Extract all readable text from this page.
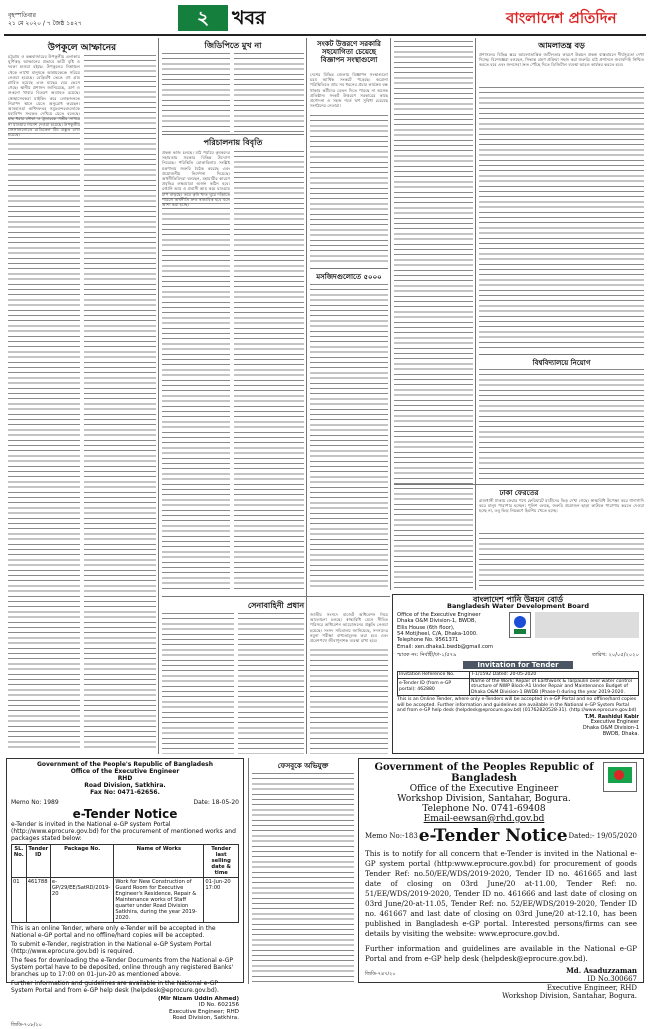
বৃহস্পতিবার
২১ মে ২০২০ / ৭ জৈষ্ঠ ১৪২৭	২	খবর	বাংলাদেশ প্রতিদিন
উপকূলে আম্ফানের
চট্টগ্রাম ও কক্সবাজারের উপকূলীয় এলাকায় ঘূর্ণিঝড় আম্ফানের প্রভাবে ভারী বৃষ্টি ও দমকা হাওয়া বইছে। উপকূলের নিম্নাঞ্চল থেকে লাখো মানুষকে আশ্রয়কেন্দ্রে সরিয়ে নেওয়া হয়েছে। বেড়িবাঁধ ভেঙে বহু গ্রাম প্লাবিত হয়েছে এবং মাছের ঘের ভেসে গেছে। স্থানীয় প্রশাসন জানিয়েছে, ত্রাণ ও শুকনো খাবার বিতরণ অব্যাহত রয়েছে। স্বেচ্ছাসেবকরা মাইকিং করে লোকজনকে নিরাপদ স্থানে যেতে অনুরোধ করছেন। আবহাওয়া অধিদফতর সমুদ্রবন্দরগুলোকে মহাবিপদ সংকেত দেখিয়ে যেতে বলেছে। মাছ ধরার নৌকা ও ট্রলারকে গভীর সাগরে না যাওয়ার নির্দেশ দেওয়া হয়েছে। উপকূলীয় জেলাগুলোতে মেডিকেল টিম প্রস্তুত রাখা হয়েছে।
জিডিপিতে মুখ না
পরিচালনায় বিবৃতি
প্রকল্প কাজ চলছে। মাঠ পর্যায়ে কৃষকদের সহায়তায় সরকার বিভিন্ন উদ্যোগ নিয়েছে। পরিস্থিতি মোকাবিলায় সংশ্লিষ্ট মন্ত্রণালয় জরুরি বৈঠক করেছে এবং প্রয়োজনীয় নির্দেশনা দিয়েছে। অর্থনীতিবিদরা বলছেন, মহামারীর কারণে প্রবৃদ্ধির লক্ষ্যমাত্রা অর্জন কঠিন হবে। রপ্তানি আয় ও প্রবাসী আয় কমে যাওয়ায় চাপ বাড়ছে। তবে কৃষি খাত ঘুরে দাঁড়াতে পারলে অর্থনীতি দ্রুত স্বাভাবিক হবে বলে আশা করা হচ্ছে।
সেনাবাহিনী প্রধান
জাতীয় সংসদে বাজেট অধিবেশন নিয়ে আলোচনা চলছে। স্বাস্থ্যবিধি মেনে সীমিত পরিসরে অধিবেশন আয়োজনের প্রস্তুতি নেওয়া হয়েছে। সংসদ সচিবালয় জানিয়েছে, সদস্যদের নমুনা পরীক্ষা বাধ্যতামূলক করা হবে এবং প্রবেশপথে জীবাণুনাশক ব্যবস্থা রাখা হবে।
সংকট উত্তরণে সরকারি সহযোগিতা চেয়েছে বিজ্ঞাপন সংস্থাগুলো
দেশের বিভিন্ন জেলায় বিজ্ঞাপন সংস্থাগুলো চরম আর্থিক সংকটে পড়েছে। করোনা পরিস্থিতিতে প্রায় সব ধরনের প্রচার কার্যক্রম বন্ধ থাকায় কর্মীদের বেতন দিতে পারছে না অনেক প্রতিষ্ঠান। সংকট উত্তরণে সরকারের কাছে প্রণোদনা ও সহজ শর্তে ঋণ সুবিধা চেয়েছে সংগঠনের নেতারা।
মসজিদগুলোতে ৫০০০
আমলাতন্ত্র বড়
প্রশাসনের বিভিন্ন স্তরে আমলাতান্ত্রিক জটিলতার কারণে উন্নয়ন প্রকল্প বাস্তবায়নে দীর্ঘসূত্রতা দেখা দিচ্ছে। বিশেষজ্ঞরা বলছেন, সিদ্ধান্ত গ্রহণ প্রক্রিয়া সহজ করা জরুরি। মাঠ প্রশাসনে জবাবদিহি নিশ্চিত করতে হবে এবং জনসেবা দ্রুত পৌঁছে দিতে ডিজিটাল ব্যবস্থা আরও কার্যকর করতে হবে।
বিশ্ববিদ্যালয়ে নিয়োগ
ঢাকা ফেরতের
রাজধানী ঢাকায় ফেরার পথে ফেরিঘাটে যাত্রীদের ভিড় দেখা গেছে। স্বাস্থ্যবিধি উপেক্ষা করে গাদাগাদি করে মানুষ পারাপার হচ্ছেন। পুলিশ বলছে, জরুরি প্রয়োজন ছাড়া কাউকে পারাপার করতে দেওয়া হচ্ছে না, তবু ভিড় নিয়ন্ত্রণে হিমশিম খেতে হচ্ছে।
বাংলাদেশ পানি উন্নয়ন বোর্ড
Bangladesh Water Development Board
Office of the Executive Engineer
Dhaka O&M Division-1, BWDB,
Ellis House (6th floor),
54 Motijheel, C/A, Dhaka-1000.
Telephone No. 9561371
Email: xen.dhaka1.bwdb@gmail.com
স্মারক নং: নির্বাহী/ঢা-১/৫৭৯	তারিখ: ২০/০৫/২০২০
Invitation for Tender
Invitation Reference No.	T-1/1592 Dated: 20-05-2020
e-Tender ID (from e-GP portal): 462880	Name of the Work: Repair of Earthwork & Tarpaulin over water control structure of NWP Block-A1 Under Repair and Maintenance Budget of Dhaka O&M Division-1 BWDB (Phase-I) during the year 2019-2020.
This is an Online Tender, where only e-Tenders will be accepted in e-GP Portal and no offline/hard copies will be accepted. Further information and guidelines are available in the National e-GP System Portal and from e-GP help desk (helpdesk@eprocure.gov.bd) (01762820528-31). (http://www.eprocure.gov.bd)
T.M. Rashidul Kabir
Executive Engineer
Dhaka O&M Division-1
BWDB, Dhaka.
Government of the People's Republic of Bangladesh
Office of the Executive Engineer
RHD
Road Division, Satkhira.
Fax No: 0471-62656.
Memo No: 1989	Date: 18-05-20
e-Tender Notice
e-Tender is invited in the National e-GP system Portal (http://www.eprocure.gov.bd) for the procurement of mentioned works and packages stated below:
SL. No.	Tender ID	Package No.	Name of Works	Tender last selling date & time
01	461788	e-GP/29/EE/SatRD/2019-20	Work for New Construction of Guard Room for Executive Engineer's Residence, Repair & Maintenance works of Staff quarter under Road Division Satkhira, during the year 2019-2020.	01-Jun-20 17:00
This is an online Tender, where only e-Tender will be accepted in the National e-GP portal and no offline/hard copies will be accepted.
To submit e-Tender, registration in the National e-GP System Portal (http://www.eprocure.gov.bd) is required.
The fees for downloading the e-Tender Documents from the National e-GP System portal have to be deposited, online through any registered Banks' branches up to 17:00 on 01-Jun-20 as mentioned above.
Further information and guidelines are available in the National e-GP System Portal and from e-GP help desk (helpdesk@eprocure.gov.bd).
(Mir Nizam Uddin Ahmed)
ID No. 602156
Executive Engineer; RHD
Road Division, Satkhira.
জিডি-৭০৮/২০
ফেসবুকে অভিযুক্ত	Government of the Peoples Republic of Bangladesh
Office of the Executive Engineer
Workshop Division, Santahar, Bogura.
Telephone No. 0741-69408
Email-eewsan@rhd.gov.bd
Memo No:-183 e-Tender Notice Dated:- 19/05/2020
This is to notify for all concern that e-Tender is invited in the National e-GP system portal (http:www.eprocure.gov.bd) for procurement of goods Tender Ref: no.50/EE/WDS/2019-2020, Tender ID no. 461665 and last date of closing on 03rd June/20 at-11.00, Tender Ref: no. 51/EE/WDS/2019-2020, Tender ID no. 461666 and last date of closing on 03rd June/20-at-11.05, Tender Ref: no. 52/EE/WDS/2019-2020, Tender ID no. 461667 and last date of closing on 03rd June/20 at-12.10, has been published in Bangladesh e-GP portal. Interested persons/firms can see details by visiting the website: www.eprocure.gov.bd.
Further information and guidelines are available in the National e-GP Portal and from e-GP help desk (helpdesk@eprocure.gov.bd).
Md. Asaduzzaman
ID No.300667
Executive Engineer, RHD
Workshop Division, Santahar, Bogura.
জিডি-৭৪৭/২০
